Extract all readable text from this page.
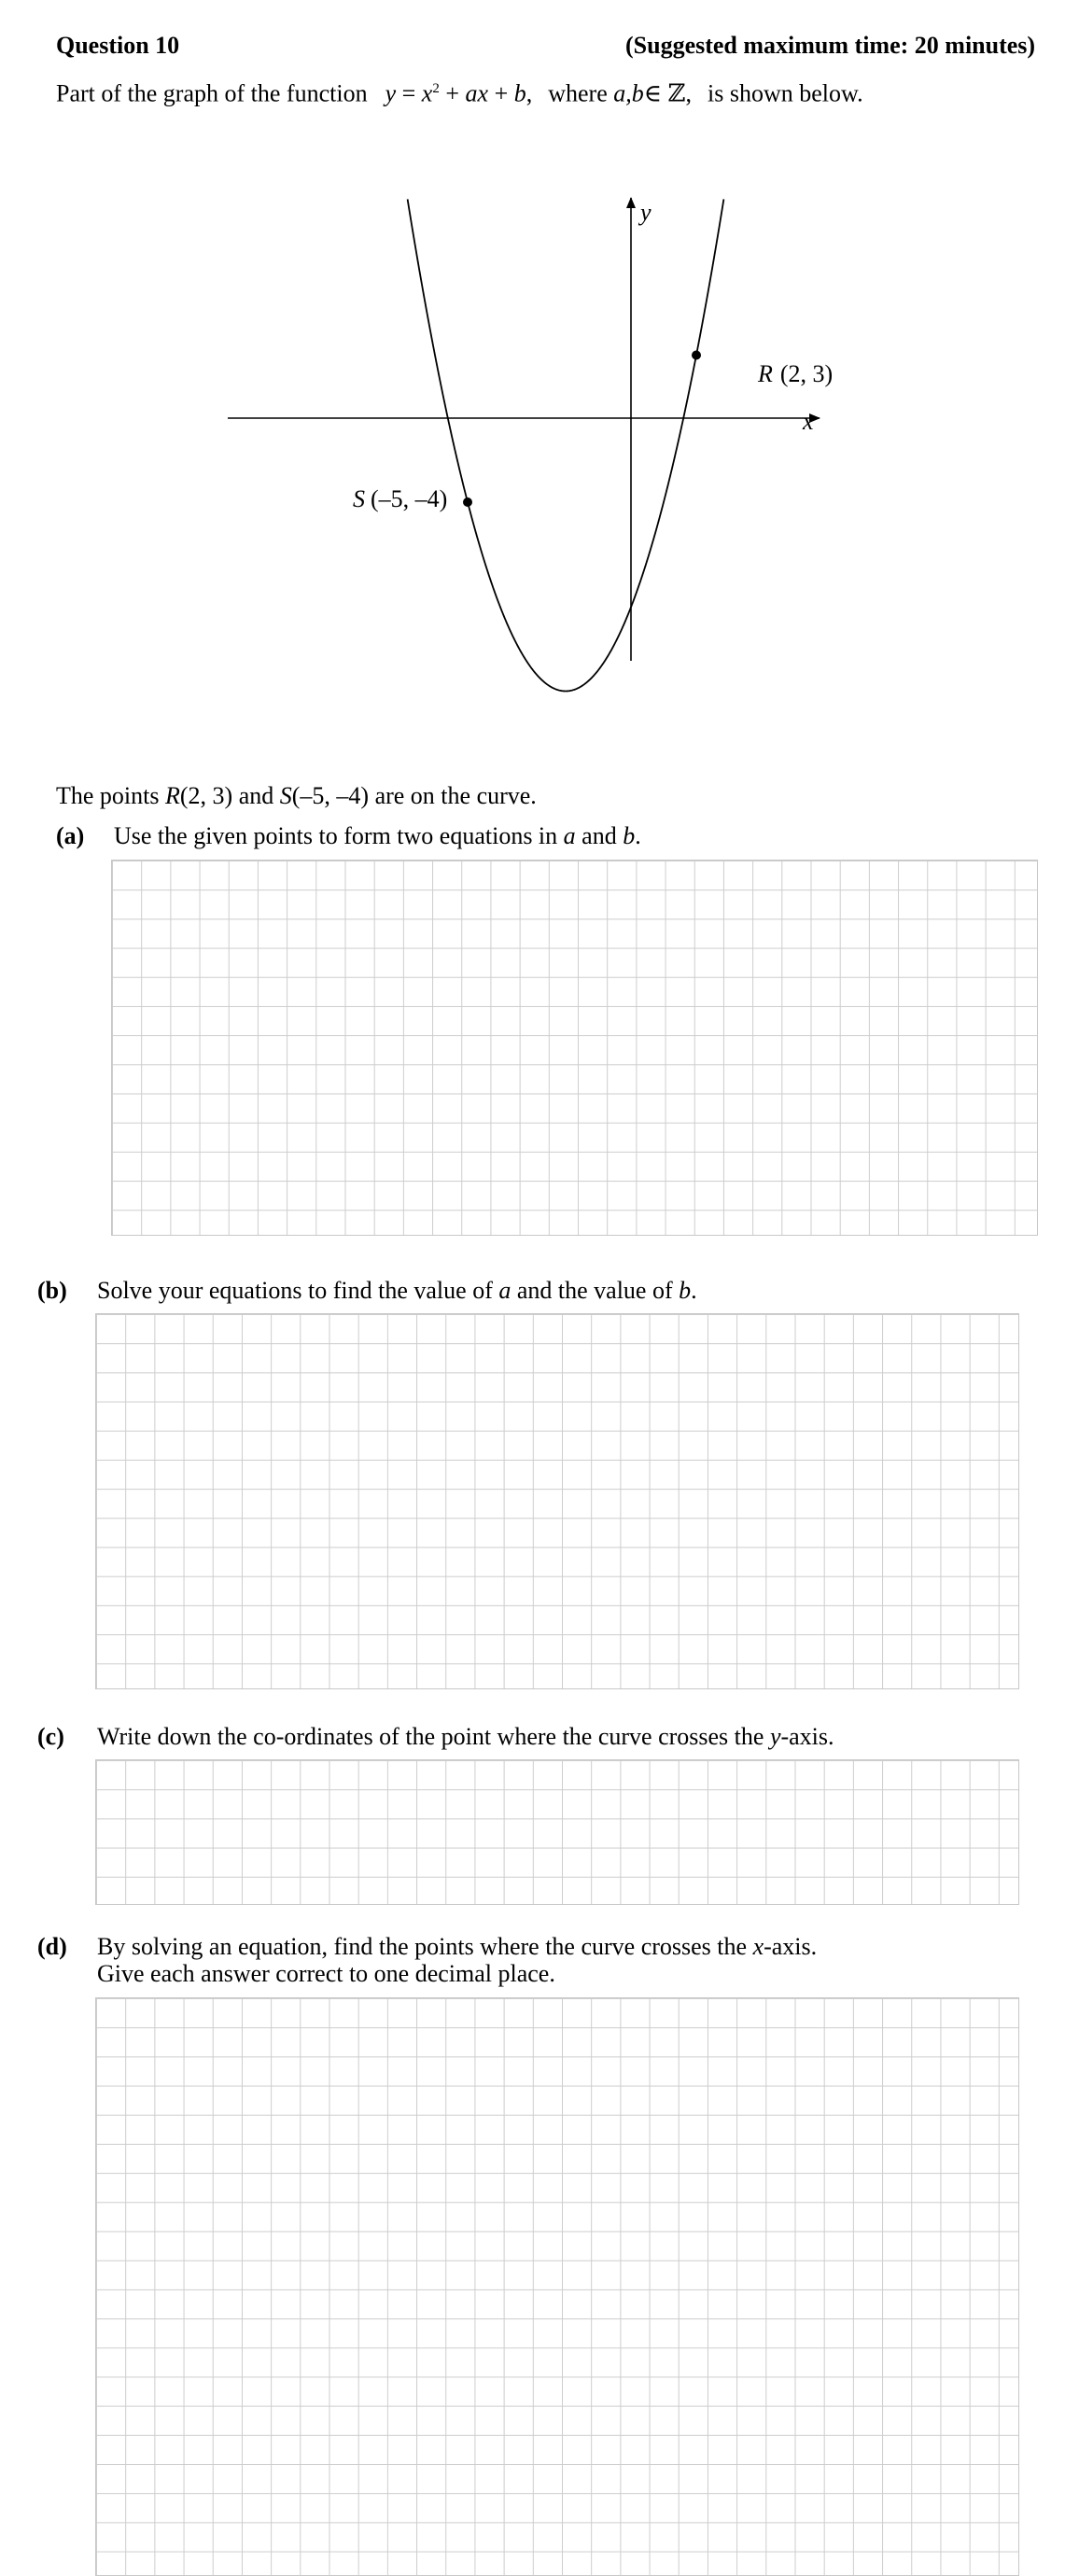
Question 10	(Suggested maximum time: 20 minutes)
Part of the graph of the function $y = x^2$ + ax + b, where a,b∈ ℤ, is shown below.
y
x
R (2, 3)
S (–5, –4)
The points R(2, 3) and S(–5, –4) are on the curve.
(a) Use the given points to form two equations in a and b.
(b) Solve your equations to find the value of a and the value of b.
(c) Write down the co-ordinates of the point where the curve crosses the y-axis.
(d) By solving an equation, find the points where the curve crosses the x-axis.
Give each answer correct to one decimal place.
